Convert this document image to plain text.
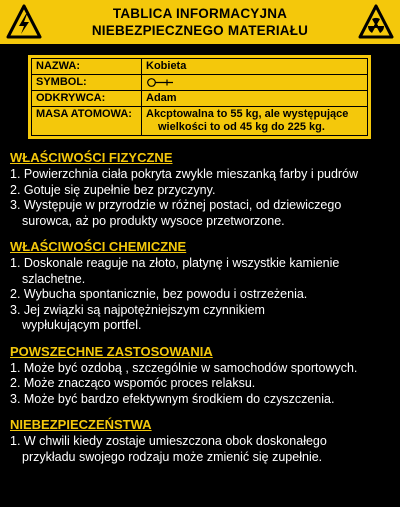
TABLICA INFORMACYJNA
NIEBEZPIECZNEGO MATERIAŁU
NAZWA:	Kobieta
SYMBOL:	
ODKRYWCA:	Adam
MASA ATOMOWA:	Akcptowalna to 55 kg, ale występujące
wielkości to od 45 kg do 225 kg.
WŁAŚCIWOŚCI FIZYCZNE
1. Powierzchnia ciała pokryta zwykle mieszanką farby i pudrów
2. Gotuje się zupełnie bez przyczyny.
3. Występuje w przyrodzie w różnej postaci, od dziewiczego
surowca, aż po produkty wysoce przetworzone.
WŁAŚCIWOŚCI CHEMICZNE
1. Doskonale reaguje na złoto, platynę i wszystkie kamienie
szlachetne.
2. Wybucha spontanicznie, bez powodu i ostrzeżenia.
3. Jej związki są najpotężniejszym czynnikiem
wypłukującym portfel.
POWSZECHNE ZASTOSOWANIA
1. Może być ozdobą , szczególnie w samochodów sportowych.
2. Może znacząco wspomóc proces relaksu.
3. Może być bardzo efektywnym środkiem do czyszczenia.
NIEBEZPIECZEŃSTWA
1. W chwili kiedy zostaje umieszczona obok doskonałego
przykładu swojego rodzaju może zmienić się zupełnie.
